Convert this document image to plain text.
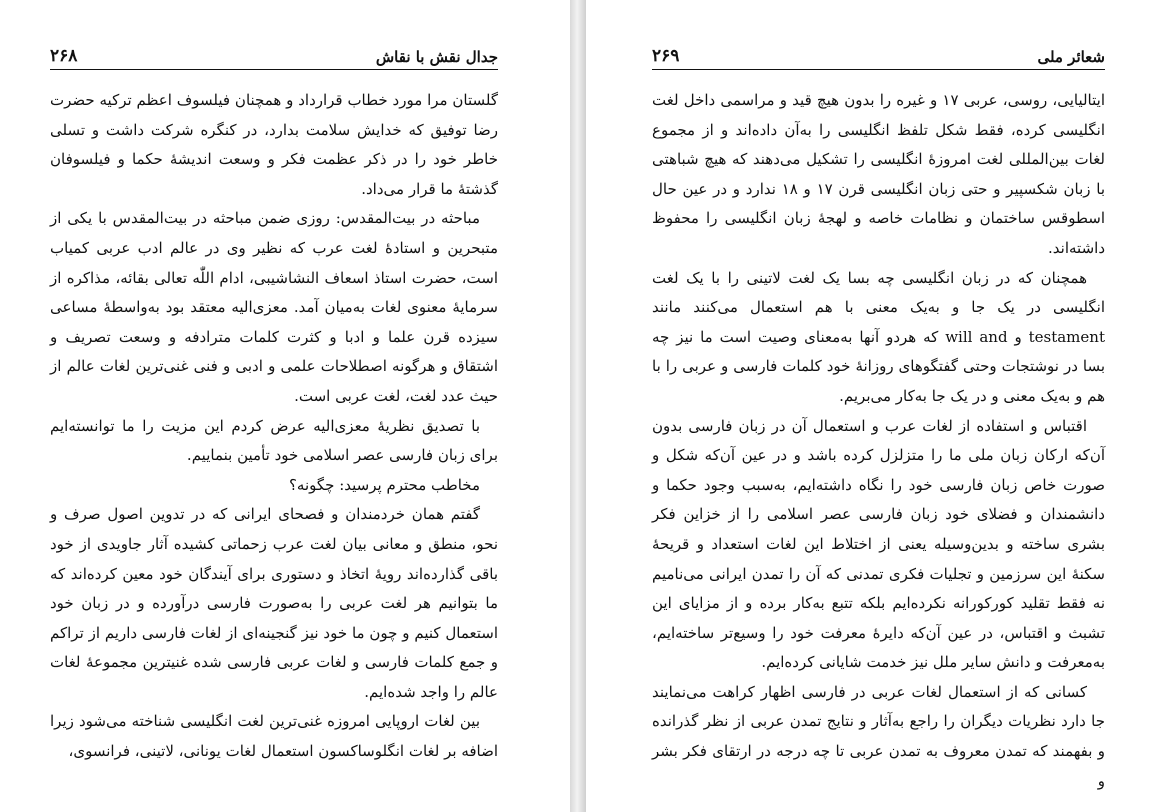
جدال نقش با نقاش
۲۶۸

گلستان مرا مورد خطاب قرارداد و همچنان فیلسوف اعظم ترکیه حضرت رضا توفیق که خدایش سلامت بدارد، در کنگره شرکت داشت و تسلی خاطر خود را در ذکر عظمت فکر و وسعت اندیشهٔ حکما و فیلسوفان گذشتهٔ ما قرار می‌داد.

مباحثه در بیت‌المقدس: روزی ضمن مباحثه در بیت‌المقدس با یکی از متبحرین و استادهٔ لغت عرب که نظیر وی در عالم ادب عربی کمیاب است، حضرت استاذ اسعاف النشاشیبی، ادام اللّٰه تعالی بقائه، مذاکره از سرمایهٔ معنوی لغات به‌میان آمد. معزی‌الیه معتقد بود به‌واسطهٔ مساعی سیزده قرن علما و ادبا و کثرت کلمات مترادفه و وسعت تصریف و اشتقاق و هرگونه اصطلاحات علمی و ادبی و فنی غنی‌ترین لغات عالم از حیث عدد لغت، لغت عربی است.

با تصدیق نظریهٔ معزی‌الیه عرض کردم این مزیت را ما توانسته‌ایم برای زبان فارسی عصر اسلامی خود تأمین بنماییم.

مخاطب محترم پرسید: چگونه؟

گفتم همان خردمندان و فصحای ایرانی که در تدوین اصول صرف و نحو، منطق و معانی بیان لغت عرب زحماتی کشیده آثار جاویدی از خود باقی گذارده‌اند رویهٔ اتخاذ و دستوری برای آیندگان خود معین کرده‌اند که ما بتوانیم هر لغت عربی را به‌صورت فارسی درآورده و در زبان خود استعمال کنیم و چون ما خود نیز گنجینه‌ای از لغات فارسی داریم از تراکم و جمع کلمات فارسی و لغات عربی فارسی شده غنیترین مجموعهٔ لغات عالم را واجد شده‌ایم.

بین لغات اروپایی امروزه غنی‌ترین لغت انگلیسی شناخته می‌شود زیرا اضافه بر لغات انگلوساکسون استعمال لغات یونانی، لاتینی، فرانسوی،

شعائر ملی
۲۶۹

ایتالیایی، روسی، عربی ۱۷ و غیره را بدون هیچ قید و مراسمی داخل لغت انگلیسی کرده، فقط شکل تلفظ انگلیسی را به‌آن داده‌اند و از مجموع لغات بین‌المللی لغت امروزهٔ انگلیسی را تشکیل می‌دهند که هیچ شباهتی با زبان شکسپیر و حتی زبان انگلیسی قرن ۱۷ و ۱۸ ندارد و در عین حال اسطوقس ساختمان و نظامات خاصه و لهجهٔ زبان انگلیسی را محفوظ داشته‌اند.

همچنان که در زبان انگلیسی چه بسا یک لغت لاتینی را با یک لغت انگلیسی در یک جا و به‌یک معنی با هم استعمال می‌کنند مانند testament و will and که هردو آنها به‌معنای وصیت است ما نیز چه بسا در نوشتجات وحتی گفتگوهای روزانهٔ خود کلمات فارسی و عربی را با هم و به‌یک معنی و در یک جا به‌کار می‌بریم.

اقتباس و استفاده از لغات عرب و استعمال آن در زبان فارسی بدون آن‌که ارکان زبان ملی ما را متزلزل کرده باشد و در عین آن‌که شکل و صورت خاص زبان فارسی خود را نگاه داشته‌ایم، به‌سبب وجود حکما و دانشمندان و فضلای خود زبان فارسی عصر اسلامی را از خزاین فکر بشری ساخته و بدین‌وسیله یعنی از اختلاط این لغات استعداد و قریحهٔ سکنهٔ این سرزمین و تجلیات فکری تمدنی که آن را تمدن ایرانی می‌نامیم نه فقط تقلید کورکورانه نکرده‌ایم بلکه تتبع به‌کار برده و از مزایای این تشبث و اقتباس، در عین آن‌که دایرهٔ معرفت خود را وسیع‌تر ساخته‌ایم، به‌معرفت و دانش سایر ملل نیز خدمت شایانی کرده‌ایم.

کسانی که از استعمال لغات عربی در فارسی اظهار کراهت می‌نمایند جا دارد نظریات دیگران را راجع به‌آثار و نتایج تمدن عربی از نظر گذرانده و بفهمند که تمدن معروف به تمدن عربی تا چه درجه در ارتقای فکر بشر و
